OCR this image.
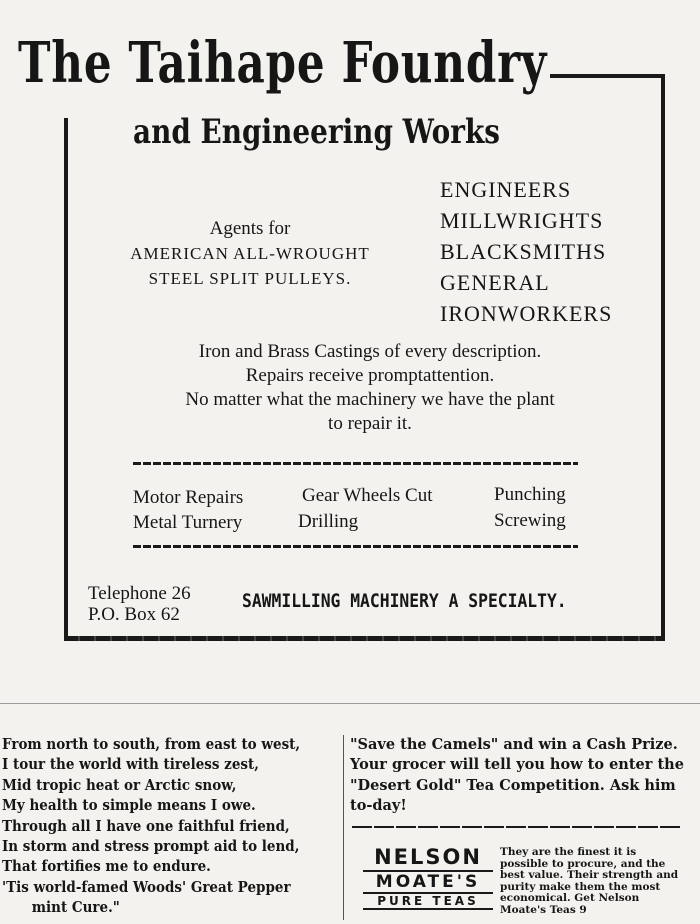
The Taihape Foundry
and Engineering Works
Agents for
AMERICAN ALL-WROUGHT
STEEL SPLIT PULLEYS.
ENGINEERS
MILLWRIGHTS
BLACKSMITHS
GENERAL
IRONWORKERS
Iron and Brass Castings of every description.
Repairs receive promptattention.
No matter what the machinery we have the plant
to repair it.
Motor Repairs
Metal Turnery
Gear Wheels Cut
Drilling
Punching
Screwing
Telephone 26
P.O. Box 62
SAWMILLING MACHINERY A SPECIALTY.
From north to south, from east to west,
I tour the world with tireless zest,
Mid tropic heat or Arctic snow,
My health to simple means I owe.
Through all I have one faithful friend,
In storm and stress prompt aid to lend,
That fortifies me to endure.
'Tis world-famed Woods' Great Pepper
mint Cure."
"Save the Camels" and win a Cash Prize. Your grocer will tell you how to enter the "Desert Gold" Tea Competition. Ask him to-day!
NELSON
MOATE'S
PURE TEAS
They are the finest it is possible to procure, and the best value. Their strength and purity make them the most economical. Get Nelson Moate's Teas 9
